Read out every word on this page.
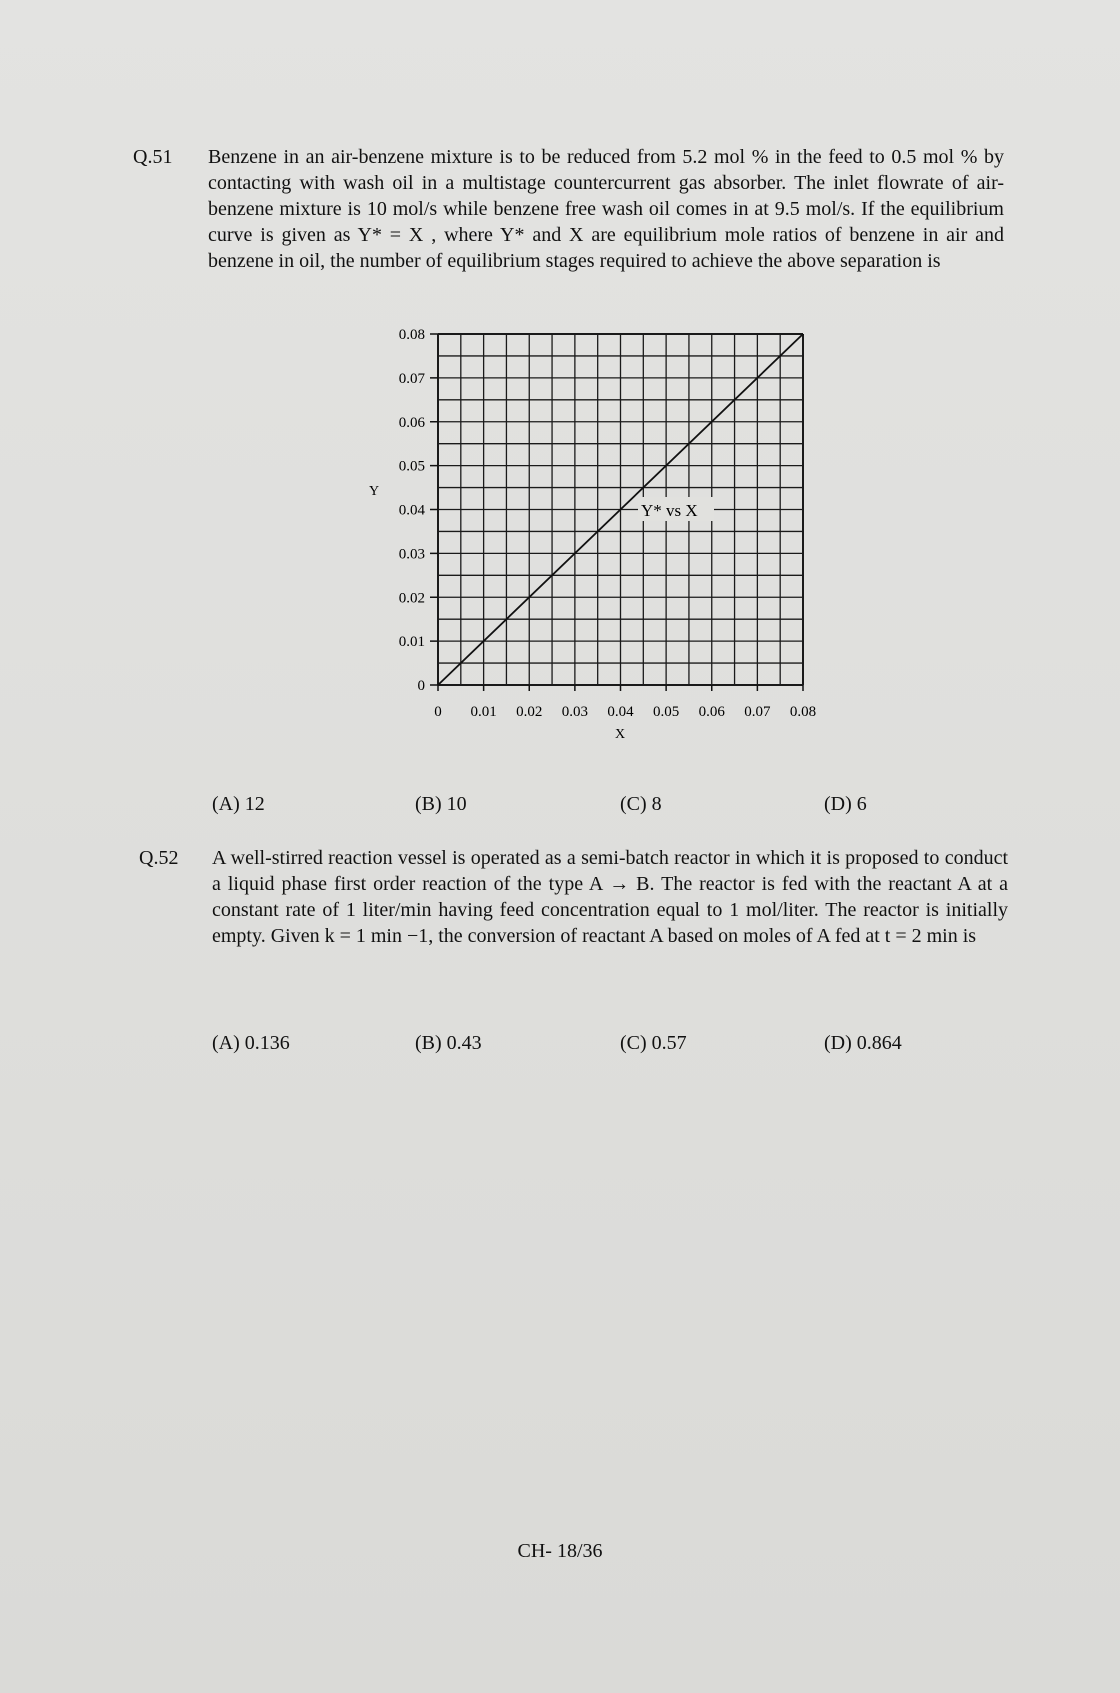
Q.51 Benzene in an air-benzene mixture is to be reduced from 5.2 mol % in the feed to 0.5 mol % by contacting with wash oil in a multistage countercurrent gas absorber. The inlet flowrate of air-benzene mixture is 10 mol/s while benzene free wash oil comes in at 9.5 mol/s. If the equilibrium curve is given as Y* = X , where Y* and X are equilibrium mole ratios of benzene in air and benzene in oil, the number of equilibrium stages required to achieve the above separation is
0
0.01
0.02
0.03
0.04
0.05
0.06
0.07
0.08
0 0.01 0.02 0.03 0.04 0.05 0.06 0.07 0.08
Y
X
Y* vs X
(A) 12	(B) 10	(C) 8	(D) 6
Q.52 A well-stirred reaction vessel is operated as a semi-batch reactor in which it is proposed to conduct a liquid phase first order reaction of the type A → B. The reactor is fed with the reactant A at a constant rate of 1 liter/min having feed concentration equal to 1 mol/liter. The reactor is initially empty. Given k = 1 min −1, the conversion of reactant A based on moles of A fed at t = 2 min is
(A) 0.136	(B) 0.43	(C) 0.57	(D) 0.864
CH- 18/36
